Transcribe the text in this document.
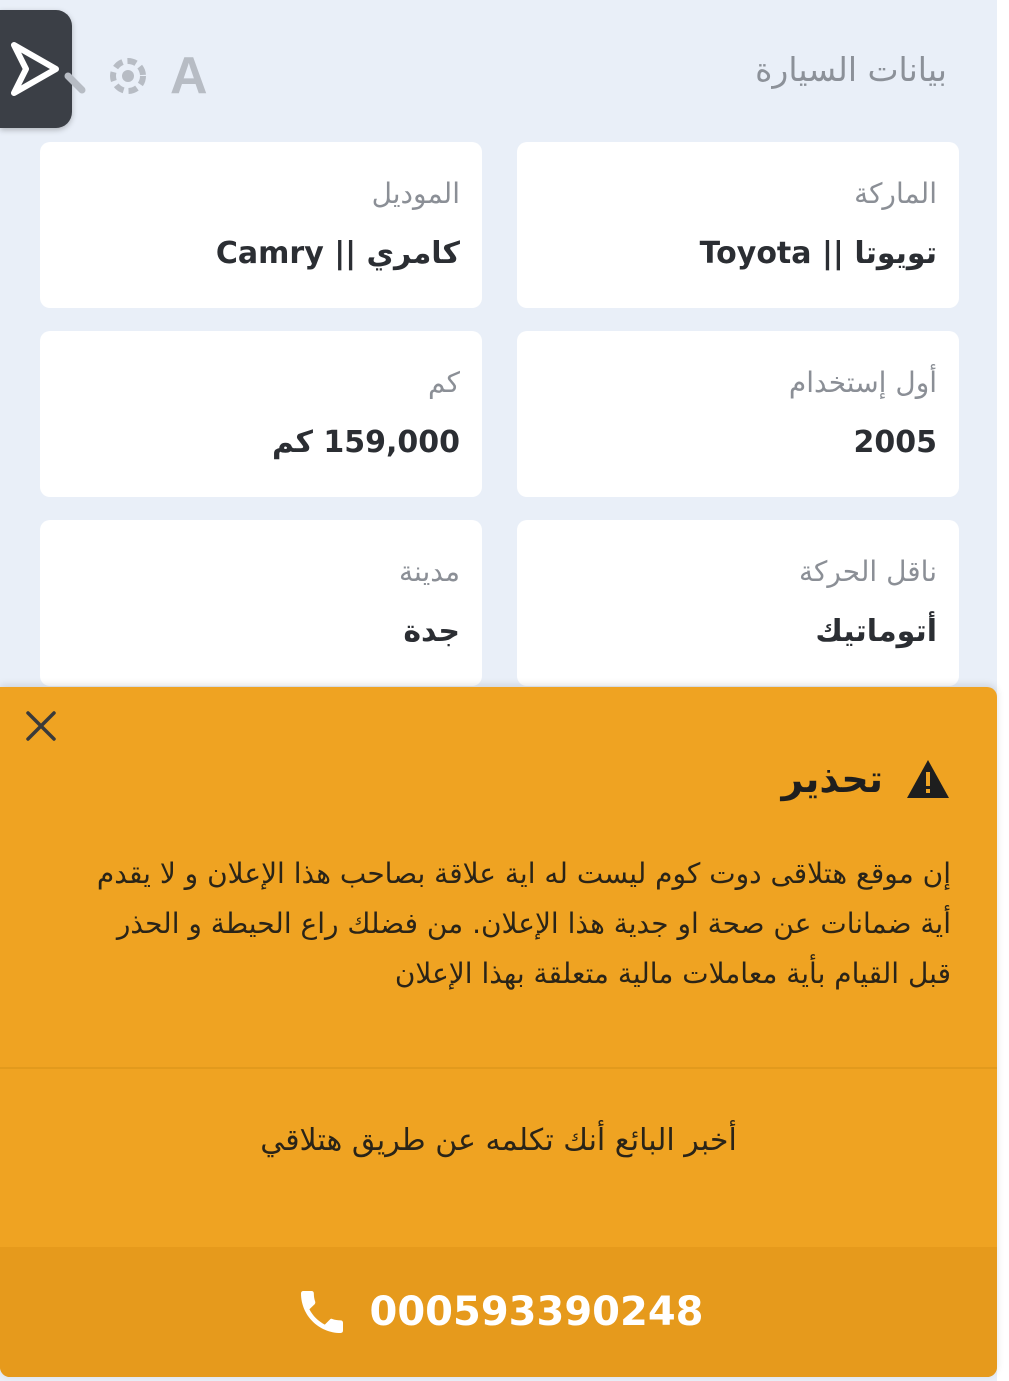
A	بيانات السيارة
الماركة
تويوتا || Toyota
الموديل
كامري || Camry
أول إستخدام
2005
كم
159,000 كم
ناقل الحركة
أتوماتيك
مدينة
جدة
تحذير
إن موقع هتلاقى دوت كوم ليست له اية علاقة بصاحب هذا الإعلان و لا يقدم أية ضمانات عن صحة او جدية هذا الإعلان. من فضلك راع الحيطة و الحذر قبل القيام بأية معاملات مالية متعلقة بهذا الإعلان
أخبر البائع أنك تكلمه عن طريق هتلاقي
000593390248
